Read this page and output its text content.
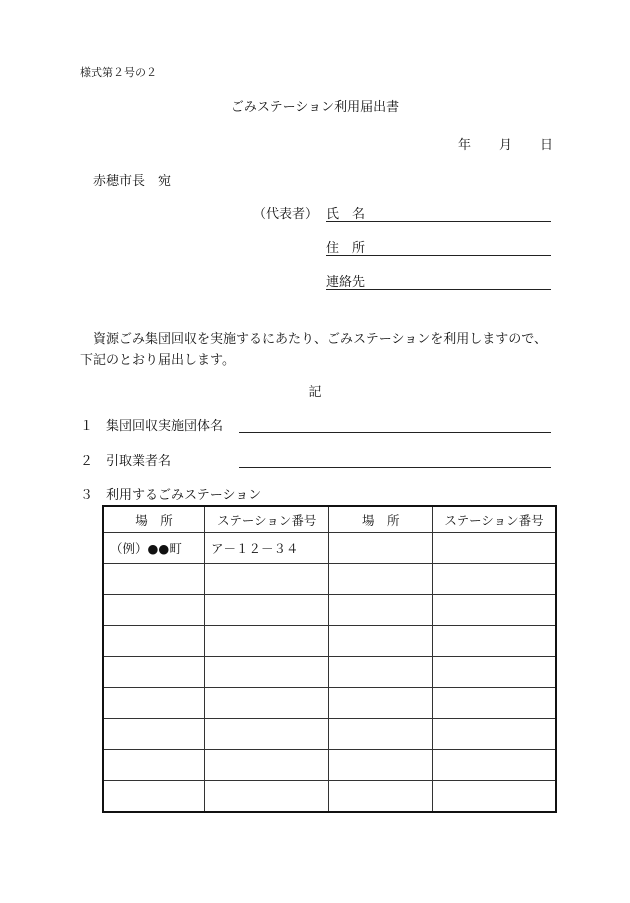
様式第２号の２
ごみステーション利用届出書
年 月 日
赤穂市長　宛
（代表者） 氏　名
住　所
連絡先
資源ごみ集団回収を実施するにあたり、ごみステーションを利用しますので、
下記のとおり届出します。
記
１ 集団回収実施団体名
２ 引取業者名
３ 利用するごみステーション
場　所	ステーション番号	場　所	ステーション番号
（例）●●町	ア－１２－３４		
